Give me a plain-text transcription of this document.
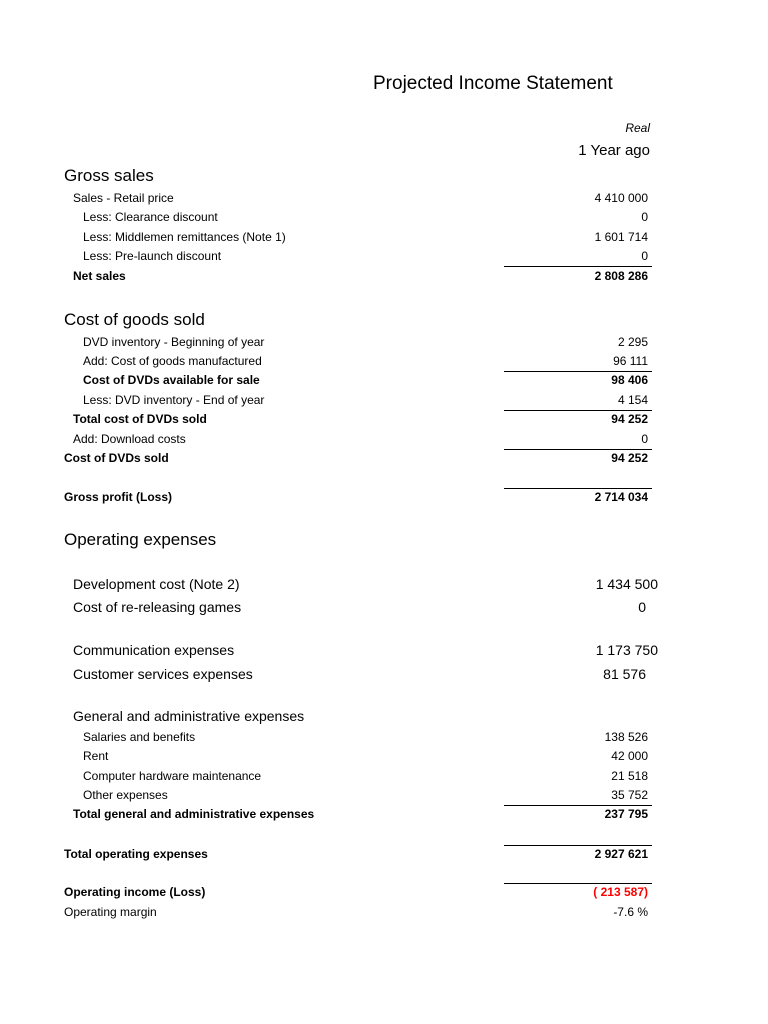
Projected Income Statement
Real
1 Year ago
Gross sales
Sales - Retail price	4 410 000
Less: Clearance discount	0
Less: Middlemen remittances (Note 1)	1 601 714
Less: Pre-launch discount	0
Net sales	2 808 286
Cost of goods sold
DVD inventory - Beginning of year	2 295
Add: Cost of goods manufactured	96 111
Cost of DVDs available for sale	98 406
Less: DVD inventory - End of year	4 154
Total cost of DVDs sold	94 252
Add: Download costs	0
Cost of DVDs sold	94 252
Gross profit (Loss)	2 714 034
Operating expenses
Development cost (Note 2)	1 434 500
Cost of re-releasing games	0
Communication expenses	1 173 750
Customer services expenses	81 576
General and administrative expenses
Salaries and benefits	138 526
Rent	42 000
Computer hardware maintenance	21 518
Other expenses	35 752
Total general and administrative expenses	237 795
Total operating expenses	2 927 621
Operating income (Loss)	( 213 587)
Operating margin	-7.6 %
